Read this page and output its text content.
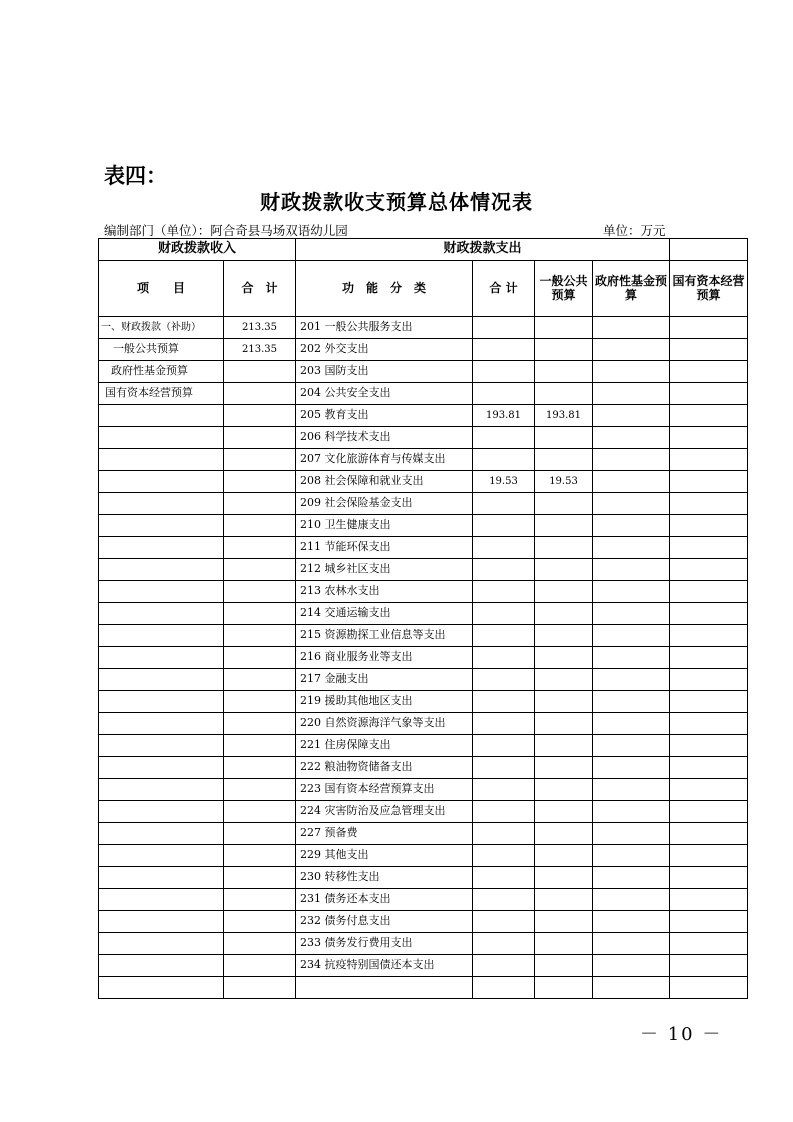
表四：
财政拨款收支预算总体情况表
编制部门（单位）：阿合奇县马场双语幼儿园	单位：万元
财政拨款收入		财政拨款支出				
项　　目	合　计	功　能　分　类	合 计	一般公共预算	政府性基金预算	国有资本经营预算
一、财政拨款（补助）	213.35	201 一般公共服务支出				
一般公共预算	213.35	202 外交支出				
政府性基金预算		203 国防支出				
国有资本经营预算		204 公共安全支出				
		205 教育支出	193.81	193.81		
		206 科学技术支出				
		207 文化旅游体育与传媒支出				
		208 社会保障和就业支出	19.53	19.53		
		209 社会保险基金支出				
		210 卫生健康支出				
		211 节能环保支出				
		212 城乡社区支出				
		213 农林水支出				
		214 交通运输支出				
		215 资源勘探工业信息等支出				
		216 商业服务业等支出				
		217 金融支出				
		219 援助其他地区支出				
		220 自然资源海洋气象等支出				
		221 住房保障支出				
		222 粮油物资储备支出				
		223 国有资本经营预算支出				
		224 灾害防治及应急管理支出				
		227 预备费				
		229 其他支出				
		230 转移性支出				
		231 债务还本支出				
		232 债务付息支出				
		233 债务发行费用支出				
		234 抗疫特别国债还本支出				

－ 10 －
